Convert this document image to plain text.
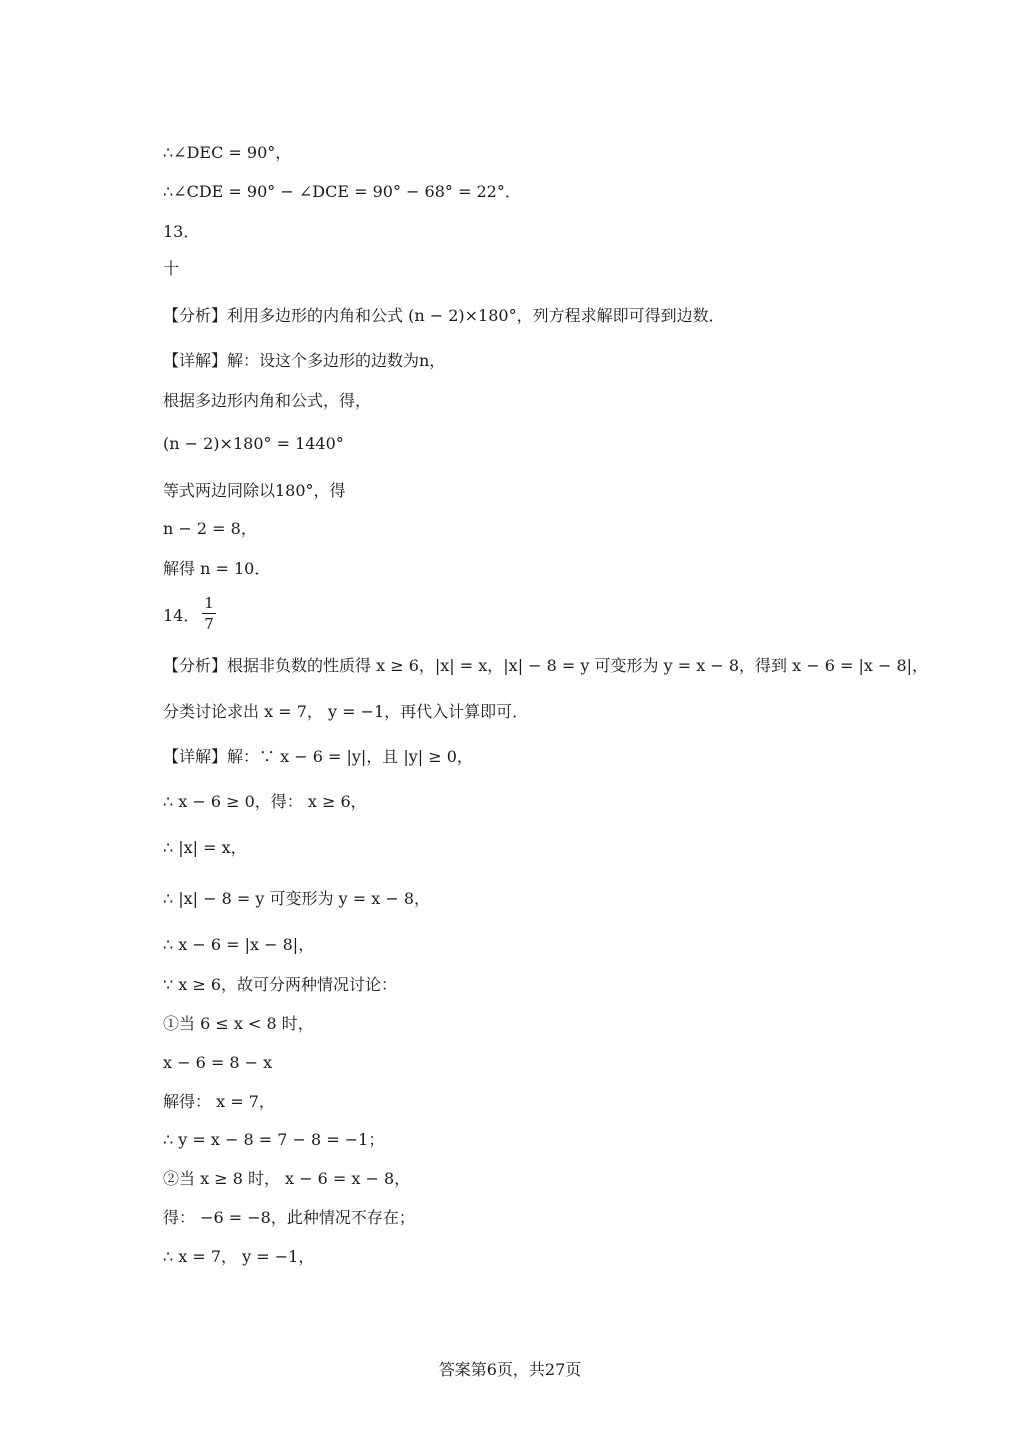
∴∠DEC = 90°，
∴∠CDE = 90° − ∠DCE = 90° − 68° = 22°．
13．
十
【分析】利用多边形的内角和公式 (n − 2)×180°，列方程求解即可得到边数．
【详解】解：设这个多边形的边数为n，
根据多边形内角和公式，得，
(n − 2)×180° = 1440°
等式两边同除以180°，得
n − 2 = 8，
解得 n = 10．
14．
1
7
【分析】根据非负数的性质得 x ≥ 6，|x| = x，|x| − 8 = y 可变形为 y = x − 8，得到 x − 6 = |x − 8|，
分类讨论求出 x = 7， y = −1，再代入计算即可．
【详解】解：∵ x − 6 = |y|，且 |y| ≥ 0，
∴ x − 6 ≥ 0，得： x ≥ 6，
∴ |x| = x，
∴ |x| − 8 = y 可变形为 y = x − 8，
∴ x − 6 = |x − 8|，
∵ x ≥ 6，故可分两种情况讨论：
①当 6 ≤ x < 8 时，
x − 6 = 8 − x
解得： x = 7，
∴ y = x − 8 = 7 − 8 = −1；
②当 x ≥ 8 时， x − 6 = x − 8，
得： −6 = −8，此种情况不存在；
∴ x = 7， y = −1，
答案第6页，共27页
